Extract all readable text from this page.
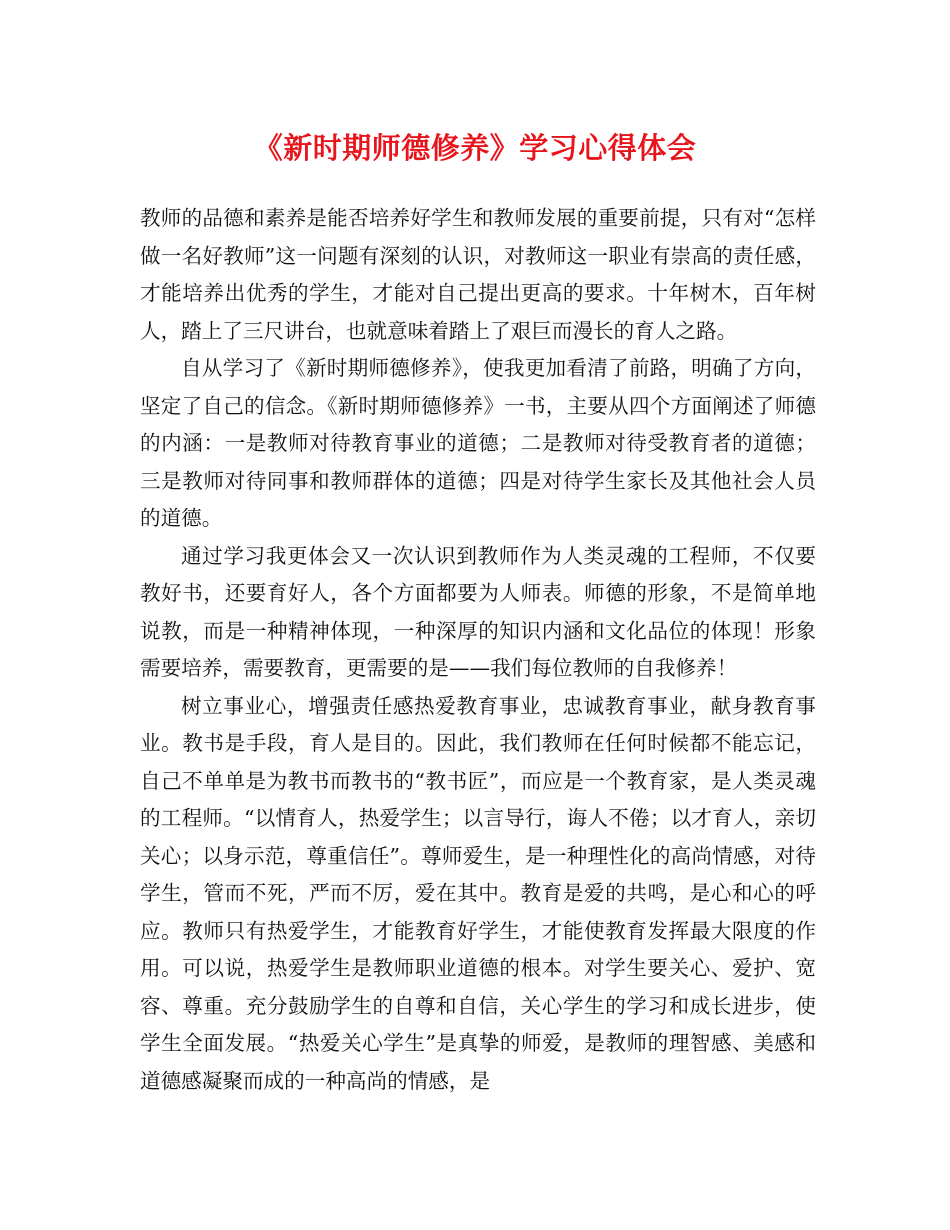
《新时期师德修养》学习心得体会

教师的品德和素养是能否培养好学生和教师发展的重要前提，只有对“怎样做一名好教师”这一问题有深刻的认识，对教师这一职业有崇高的责任感，才能培养出优秀的学生，才能对自己提出更高的要求。十年树木，百年树人，踏上了三尺讲台，也就意味着踏上了艰巨而漫长的育人之路。

自从学习了《新时期师德修养》，使我更加看清了前路，明确了方向，坚定了自己的信念。《新时期师德修养》一书，主要从四个方面阐述了师德的内涵：一是教师对待教育事业的道德；二是教师对待受教育者的道德；三是教师对待同事和教师群体的道德；四是对待学生家长及其他社会人员的道德。

通过学习我更体会又一次认识到教师作为人类灵魂的工程师，不仅要教好书，还要育好人，各个方面都要为人师表。师德的形象，不是简单地说教，而是一种精神体现，一种深厚的知识内涵和文化品位的体现！形象需要培养，需要教育，更需要的是——我们每位教师的自我修养！

树立事业心，增强责任感热爱教育事业，忠诚教育事业，献身教育事业。教书是手段，育人是目的。因此，我们教师在任何时候都不能忘记，自己不单单是为教书而教书的“教书匠”，而应是一个教育家，是人类灵魂的工程师。“以情育人，热爱学生；以言导行，诲人不倦；以才育人，亲切关心；以身示范，尊重信任”。尊师爱生，是一种理性化的高尚情感，对待学生，管而不死，严而不厉，爱在其中。教育是爱的共鸣，是心和心的呼应。教师只有热爱学生，才能教育好学生，才能使教育发挥最大限度的作用。可以说，热爱学生是教师职业道德的根本。对学生要关心、爱护、宽容、尊重。充分鼓励学生的自尊和自信，关心学生的学习和成长进步，使学生全面发展。“热爱关心学生”是真挚的师爱，是教师的理智感、美感和道德感凝聚而成的一种高尚的情感，是
